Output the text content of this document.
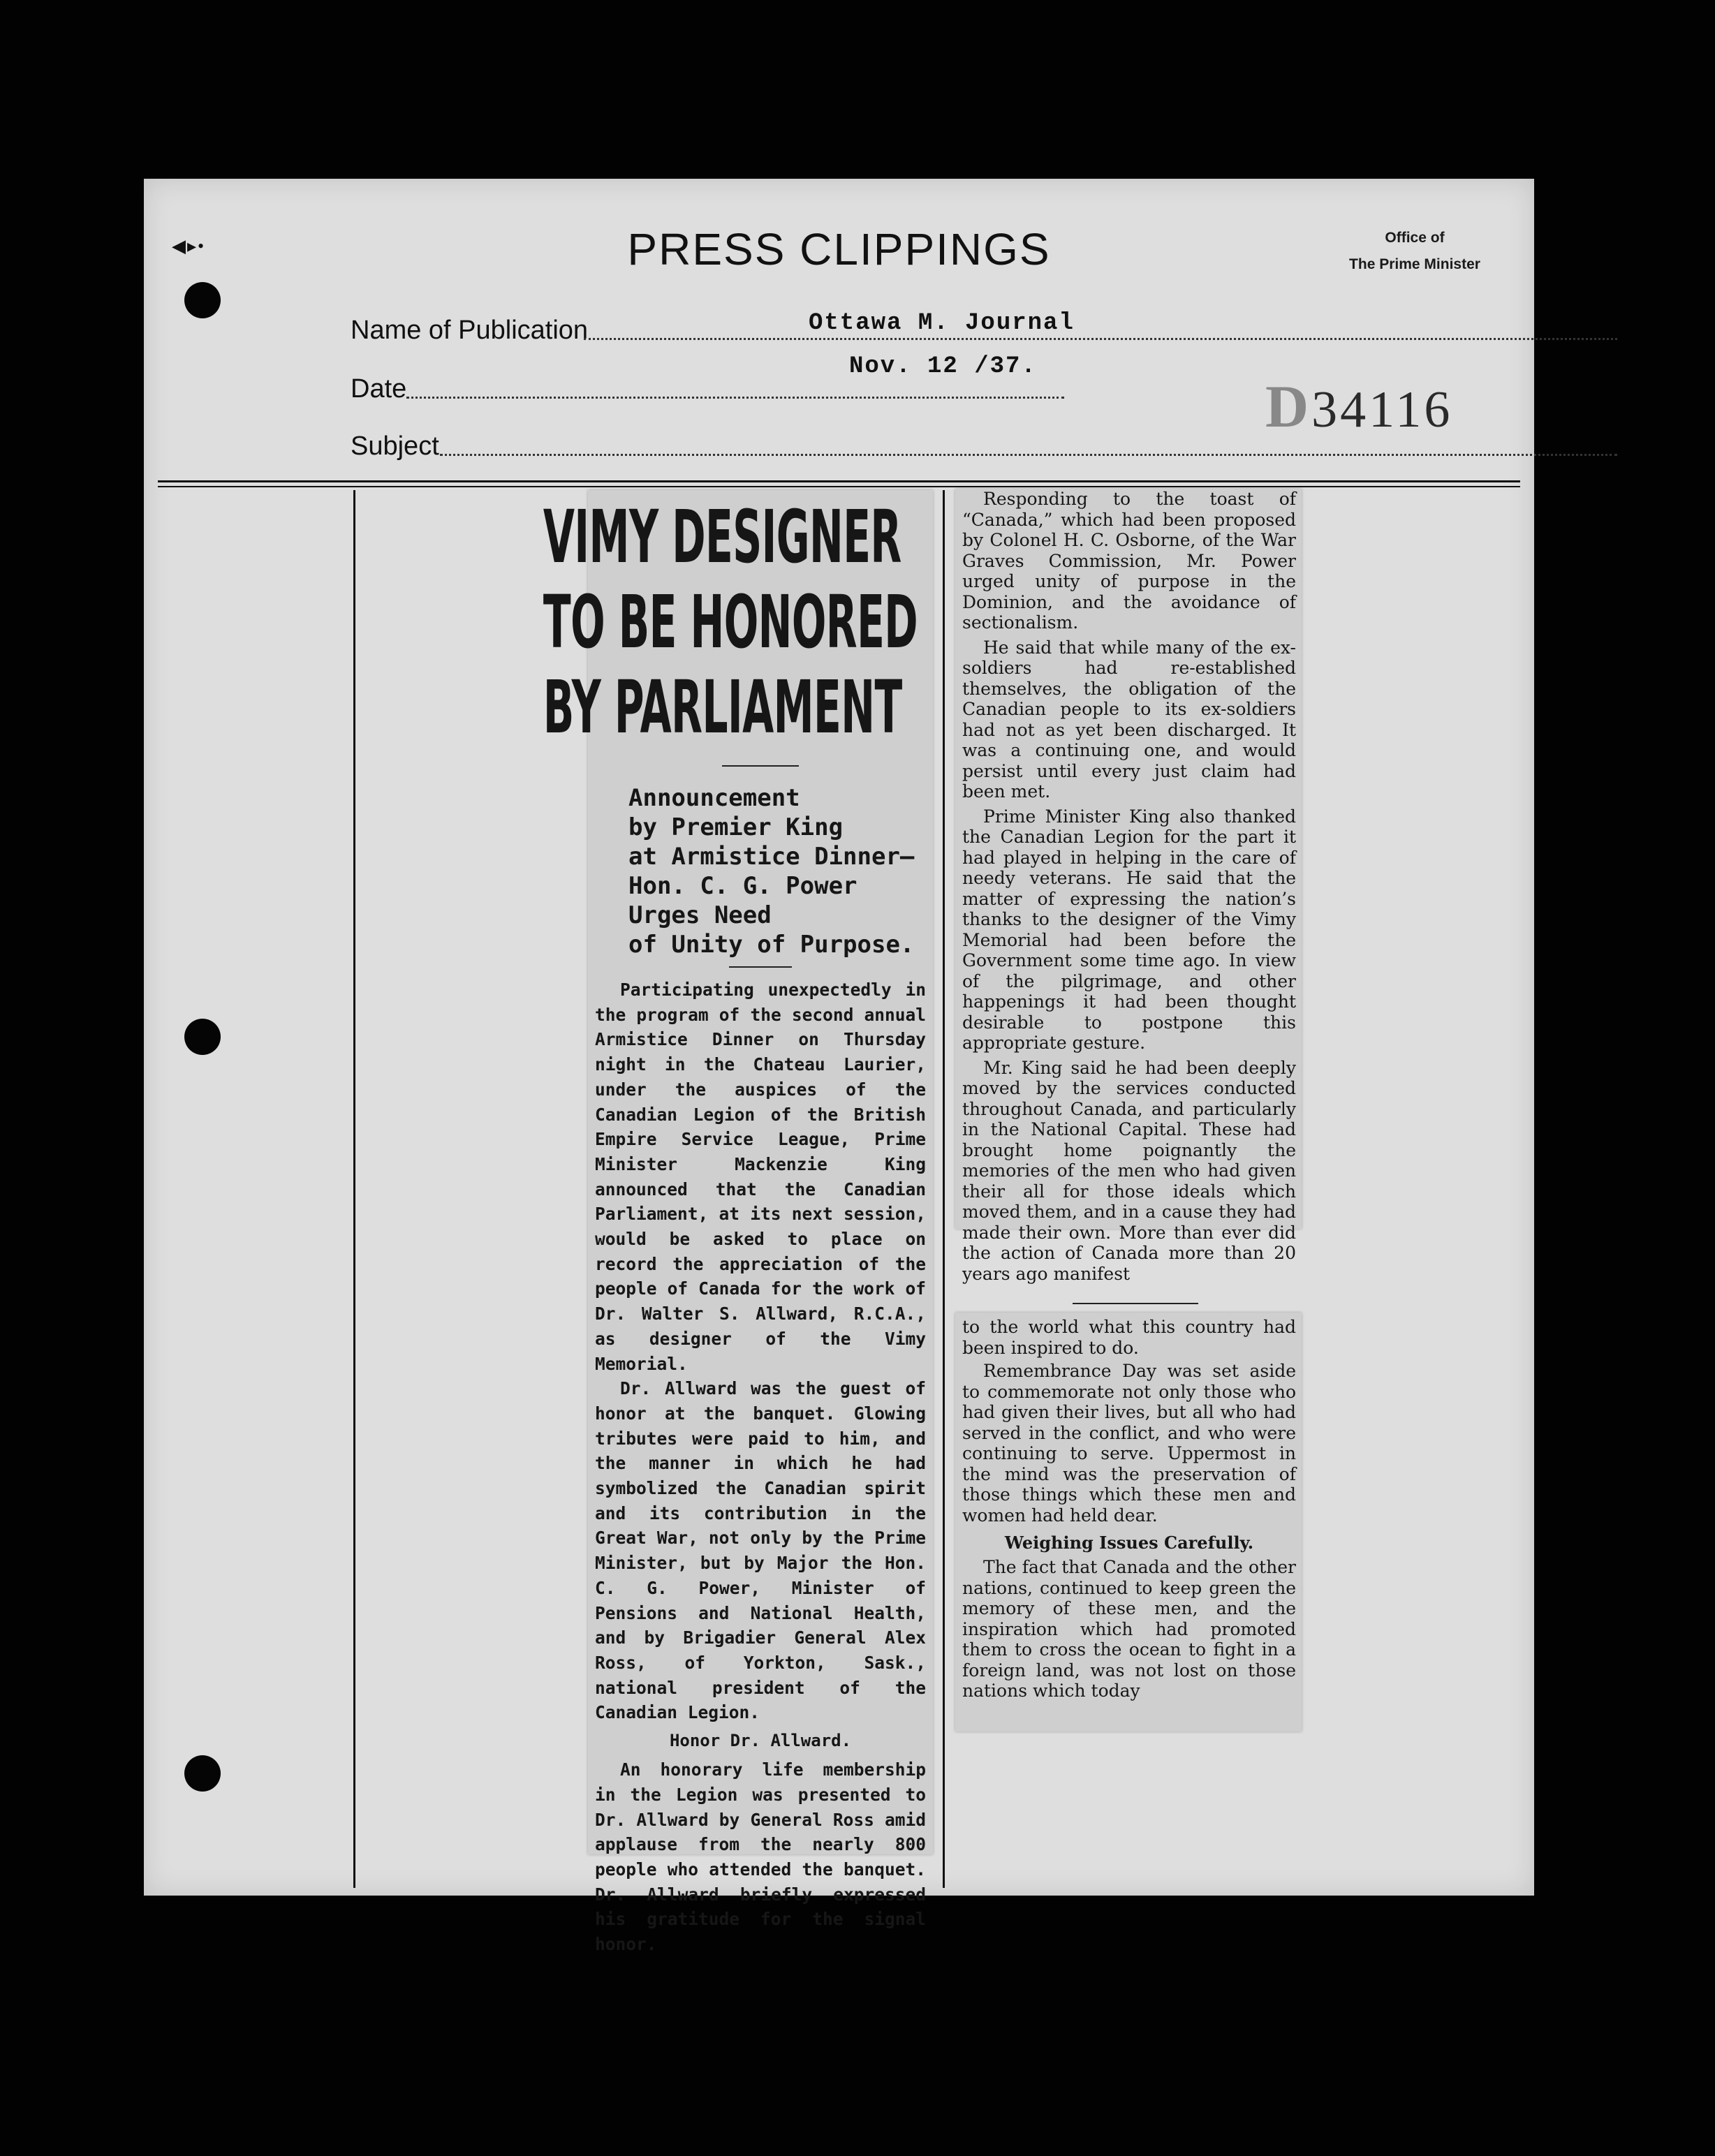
◀▸•	PRESS CLIPPINGS	Office of
The Prime Minister
Name of Publication	Ottawa M. Journal
Date
Nov. 12 /37.
Subject
D 34116
VIMY DESIGNER
TO BE HONORED
BY PARLIAMENT
Announcement
by Premier King
at Armistice Dinner—
Hon. C. G. Power
Urges Need
of Unity of Purpose.

Participating unexpectedly in the program of the second annual Armistice Dinner on Thursday night in the Chateau Laurier, under the auspices of the Canadian Legion of the British Empire Service League, Prime Minister Mackenzie King announced that the Canadian Parliament, at its next session, would be asked to place on record the appreciation of the people of Canada for the work of Dr. Walter S. Allward, R.C.A., as designer of the Vimy Memorial.

Dr. Allward was the guest of honor at the banquet. Glowing tributes were paid to him, and the manner in which he had symbolized the Canadian spirit and its contribution in the Great War, not only by the Prime Minister, but by Major the Hon. C. G. Power, Minister of Pensions and National Health, and by Brigadier General Alex Ross, of Yorkton, Sask., national president of the Canadian Legion.

Honor Dr. Allward.

An honorary life membership in the Legion was presented to Dr. Allward by General Ross amid applause from the nearly 800 people who attended the banquet. Dr. Allward briefly expressed his gratitude for the signal honor.

Responding to the toast of “Canada,” which had been proposed by Colonel H. C. Osborne, of the War Graves Commission, Mr. Power urged unity of purpose in the Dominion, and the avoidance of sectionalism.

He said that while many of the ex-soldiers had re-established themselves, the obligation of the Canadian people to its ex-soldiers had not as yet been discharged. It was a continuing one, and would persist until every just claim had been met.

Prime Minister King also thanked the Canadian Legion for the part it had played in helping in the care of needy veterans. He said that the matter of expressing the nation’s thanks to the designer of the Vimy Memorial had been before the Government some time ago. In view of the pilgrimage, and other happenings it had been thought desirable to postpone this appropriate gesture.

Mr. King said he had been deeply moved by the services conducted throughout Canada, and particularly in the National Capital. These had brought home poignantly the memories of the men who had given their all for those ideals which moved them, and in a cause they had made their own. More than ever did the action of Canada more than 20 years ago manifest

to the world what this country had been inspired to do.

Remembrance Day was set aside to commemorate not only those who had given their lives, but all who had served in the conflict, and who were continuing to serve. Uppermost in the mind was the preservation of those things which these men and women had held dear.

Weighing Issues Carefully.

The fact that Canada and the other nations, continued to keep green the memory of these men, and the inspiration which had promoted them to cross the ocean to fight in a foreign land, was not lost on those nations which today
